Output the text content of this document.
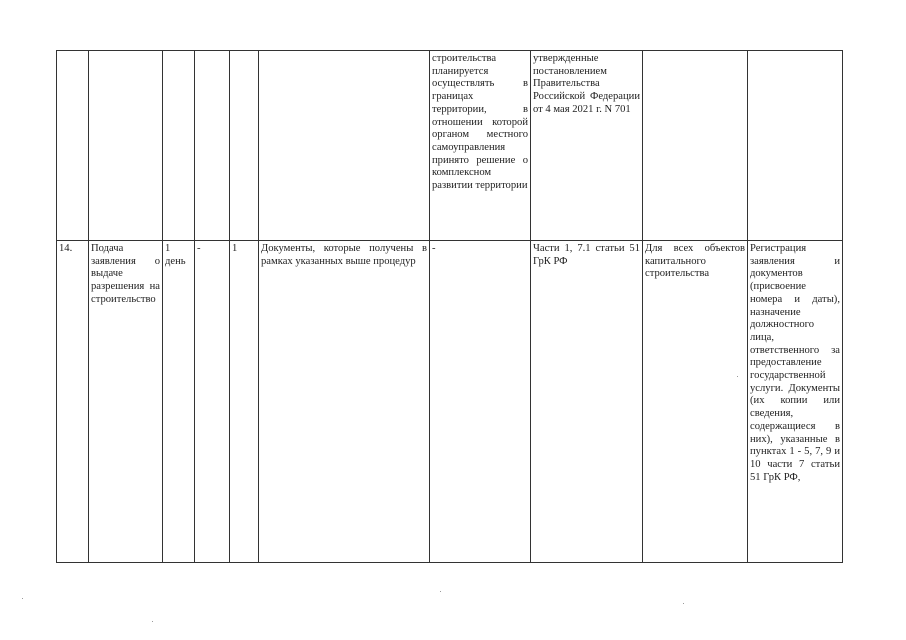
						строительства планируется осуществлять в границах территории, в отношении которой органом местного самоуправления принято решение о комплексном развитии территории	утвержденные постановлением Правительства Российской Федерации от 4 мая 2021 г. N 701		
14.	Подача заявления о выдаче разрешения на строительство	1 день	-	1	Документы, которые получены в рамках указанных выше процедур	-	Части 1, 7.1 статьи 51 ГрК РФ	Для всех объектов капитального строительства	Регистрация заявления и документов (присвоение номера и даты), назначение должностного лица, ответственного за предоставление государственной услуги. Документы (их копии или сведения, содержащиеся в них), указанные в пунктах 1 - 5, 7, 9 и 10 части 7 статьи 51 ГрК РФ,
